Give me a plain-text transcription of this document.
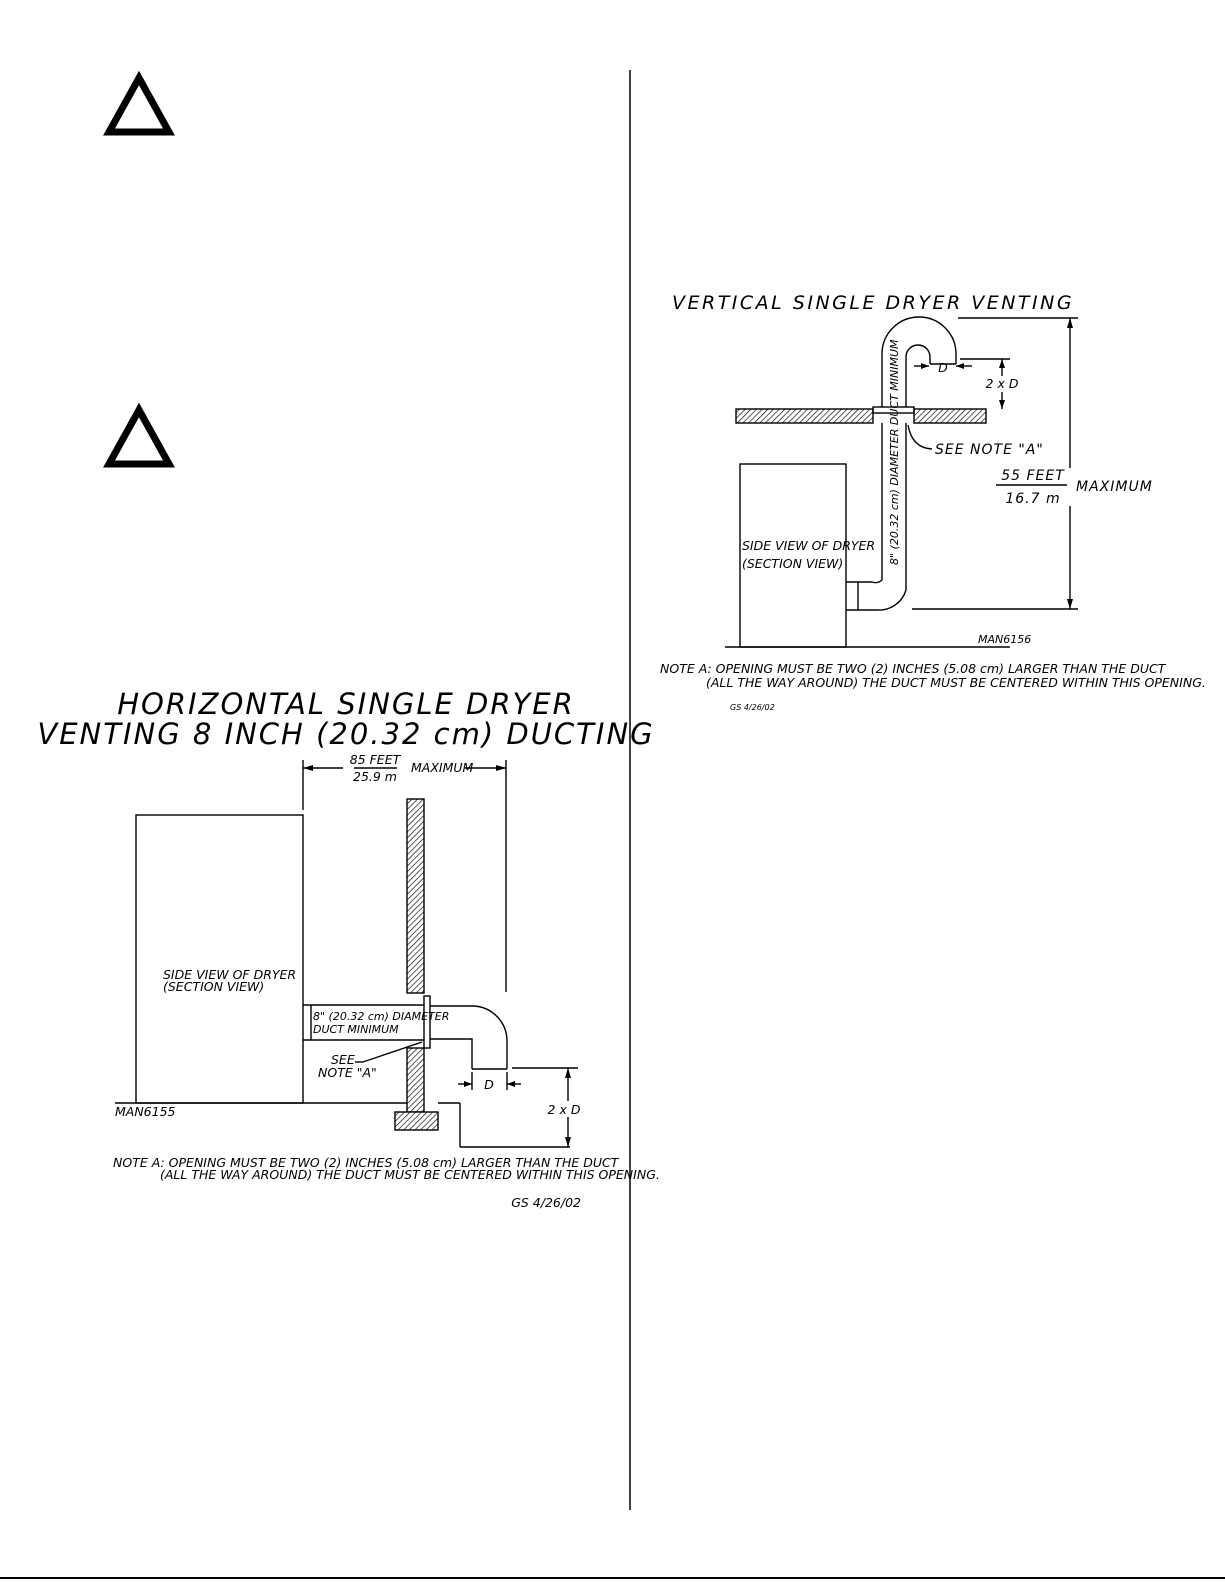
HORIZONTAL SINGLE DRYER
VENTING 8 INCH (20.32 cm) DUCTING
85 FEET
25.9 m
MAXIMUM
SIDE VIEW OF DRYER
(SECTION VIEW)
8" (20.32 cm) DIAMETER
DUCT MINIMUM
SEE
NOTE "A"
D
2 x D
MAN6155
NOTE A: OPENING MUST BE TWO (2) INCHES (5.08 cm) LARGER THAN THE DUCT
(ALL THE WAY AROUND) THE DUCT MUST BE CENTERED WITHIN THIS OPENING.
GS 4/26/02
VERTICAL SINGLE DRYER VENTING
8" (20.32 cm) DIAMETER DUCT MINIMUM
SIDE VIEW OF DRYER
(SECTION VIEW)
MAN6156
SEE NOTE "A"
D
2 x D
55 FEET
16.7 m
MAXIMUM
NOTE A: OPENING MUST BE TWO (2) INCHES (5.08 cm) LARGER THAN THE DUCT
(ALL THE WAY AROUND) THE DUCT MUST BE CENTERED WITHIN THIS OPENING.
GS 4/26/02
